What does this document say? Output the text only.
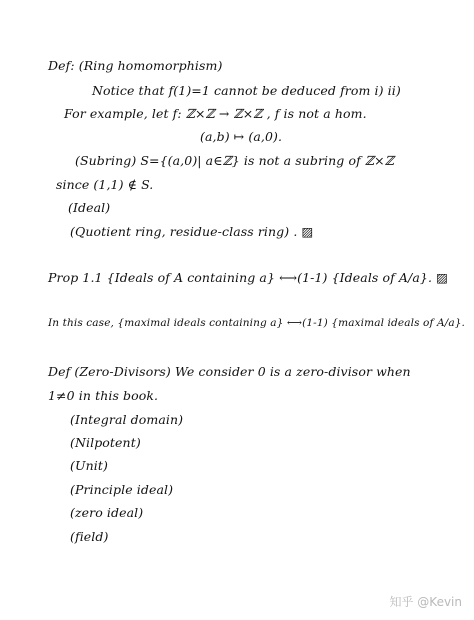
Def: (Ring homomorphism)
Notice that f(1)=1 cannot be deduced from i) ii)
For example, let f: ℤ×ℤ → ℤ×ℤ , f is not a hom.
(a,b) ↦ (a,0).
(Subring) S={(a,0)| a∈ℤ} is not a subring of ℤ×ℤ
since (1,1) ∉ S.
(Ideal)
(Quotient ring, residue-class ring) . ▨
Prop 1.1 {Ideals of A containing a} ⟷(1-1) {Ideals of A/a}. ▨
In this case, {maximal ideals containing a} ⟷(1-1) {maximal ideals of A/a}.
Def (Zero-Divisors) We consider 0 is a zero-divisor when
1≠0 in this book.
(Integral domain)
(Nilpotent)
(Unit)
(Principle ideal)
(zero ideal)
(field)
知乎 @Kevin
